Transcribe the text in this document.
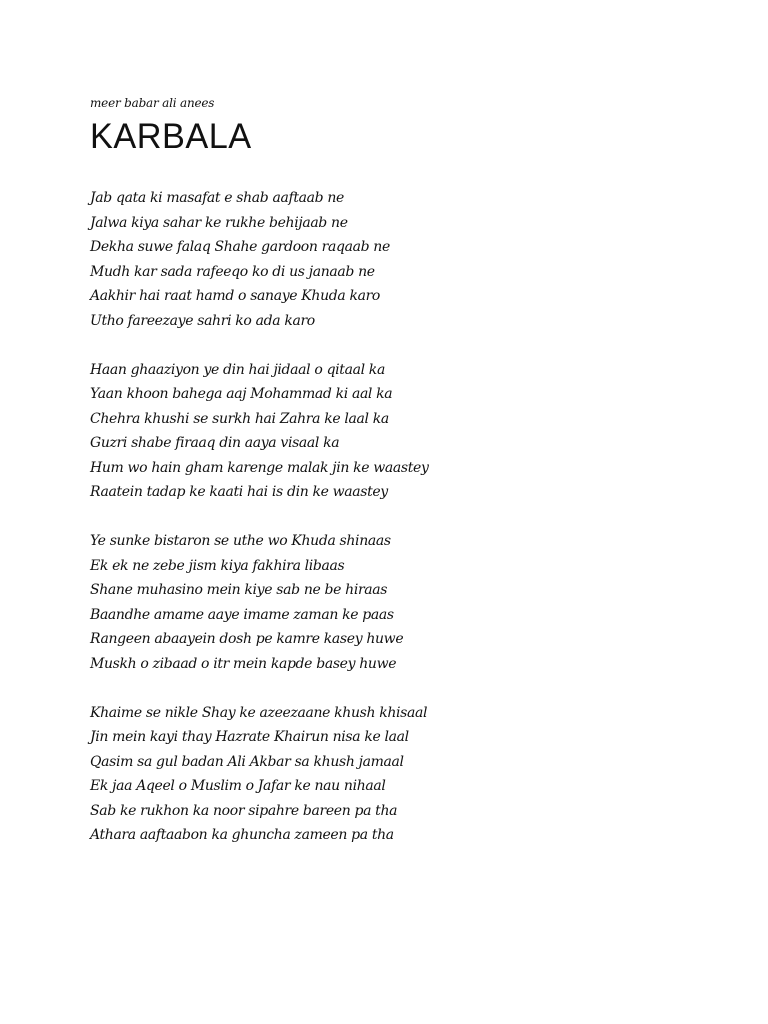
meer babar ali anees

KARBALA
Jab qata ki masafat e shab aaftaab ne
Jalwa kiya sahar ke rukhe behijaab ne
Dekha suwe falaq Shahe gardoon raqaab ne
Mudh kar sada rafeeqo ko di us janaab ne
Aakhir hai raat hamd o sanaye Khuda karo
Utho fareezaye sahri ko ada karo
Haan ghaaziyon ye din hai jidaal o qitaal ka
Yaan khoon bahega aaj Mohammad ki aal ka
Chehra khushi se surkh hai Zahra ke laal ka
Guzri shabe firaaq din aaya visaal ka
Hum wo hain gham karenge malak jin ke waastey
Raatein tadap ke kaati hai is din ke waastey
Ye sunke bistaron se uthe wo Khuda shinaas
Ek ek ne zebe jism kiya fakhira libaas
Shane muhasino mein kiye sab ne be hiraas
Baandhe amame aaye imame zaman ke paas
Rangeen abaayein dosh pe kamre kasey huwe
Muskh o zibaad o itr mein kapde basey huwe
Khaime se nikle Shay ke azeezaane khush khisaal
Jin mein kayi thay Hazrate Khairun nisa ke laal
Qasim sa gul badan Ali Akbar sa khush jamaal
Ek jaa Aqeel o Muslim o Jafar ke nau nihaal
Sab ke rukhon ka noor sipahre bareen pa tha
Athara aaftaabon ka ghuncha zameen pa tha
